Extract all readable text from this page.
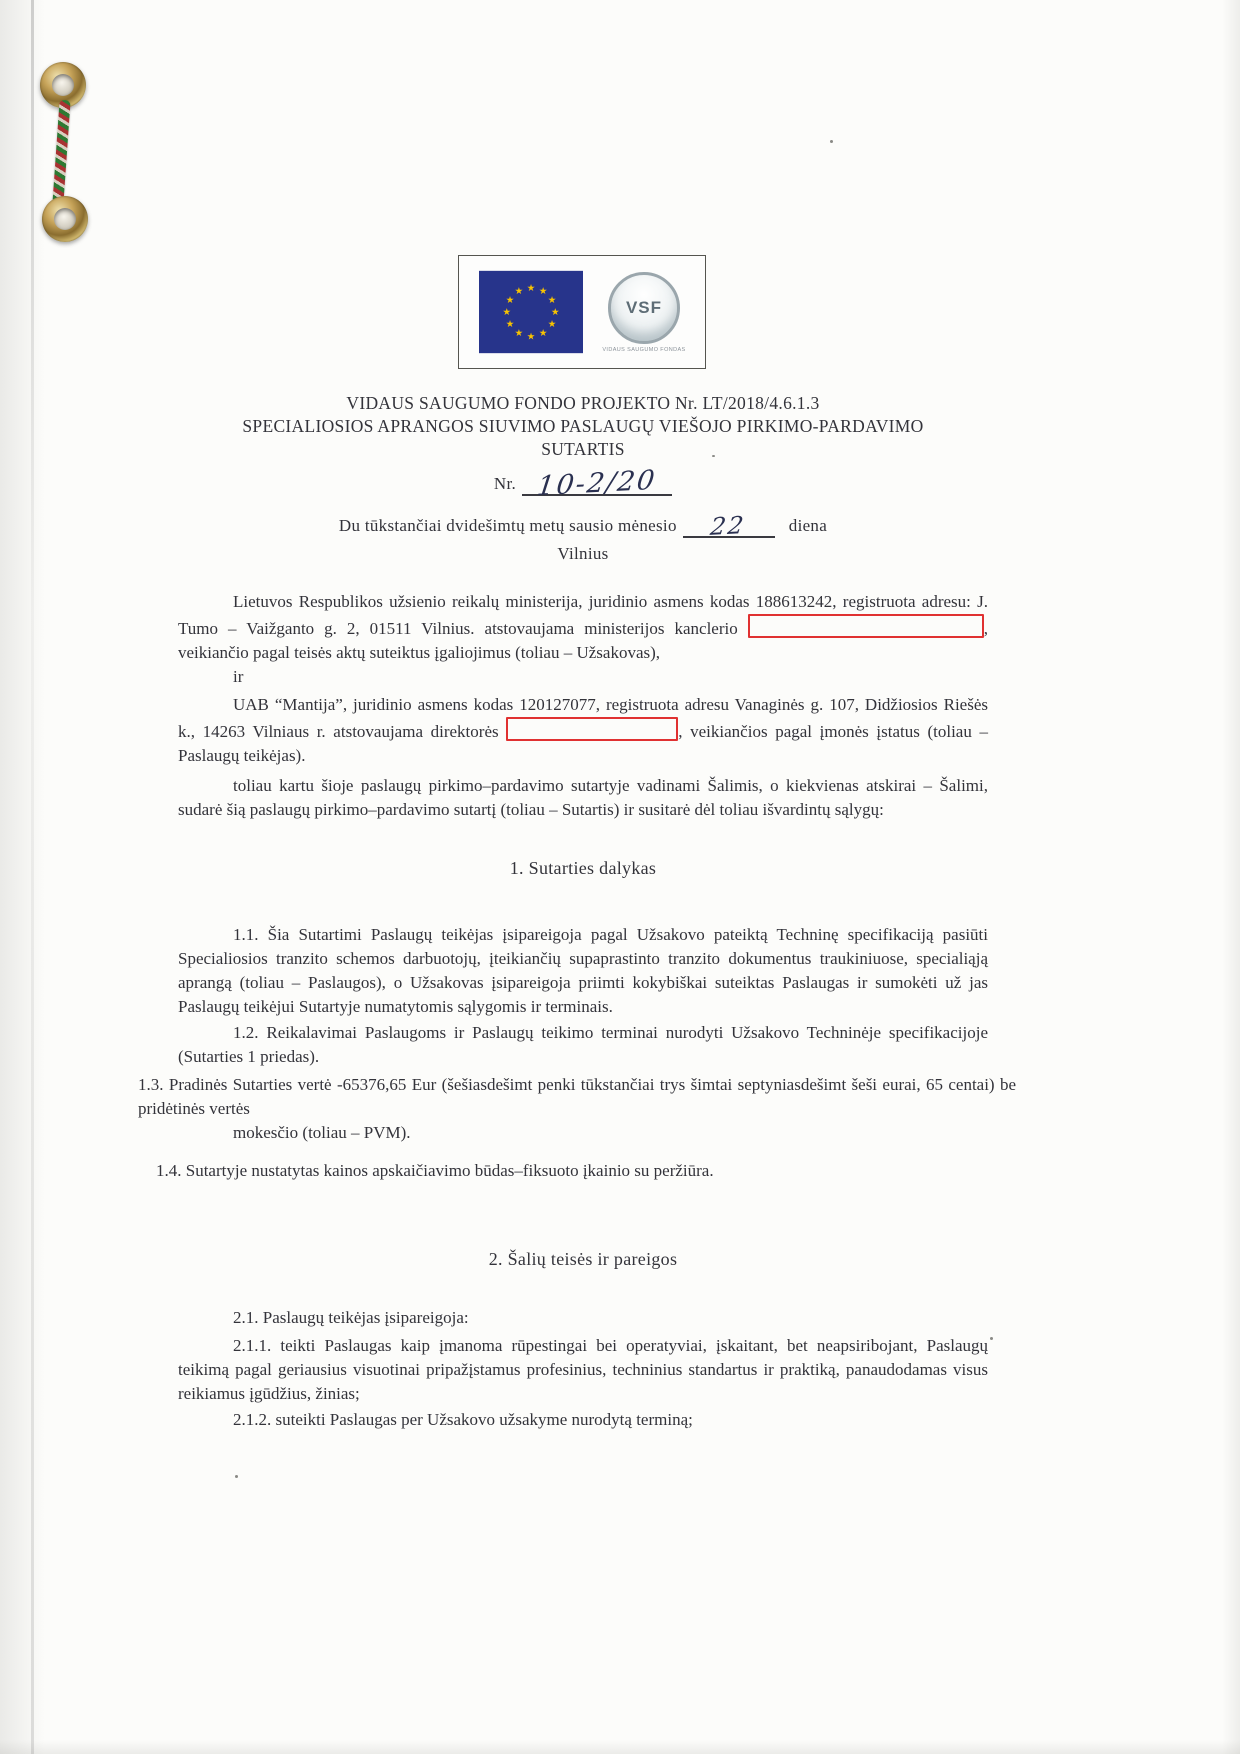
★ ★
★
★
★
★
★
★
★
★
★
★
VSF
VIDAUS SAUGUMO FONDAS
VIDAUS SAUGUMO FONDO PROJEKTO Nr. LT/2018/4.6.1.3
SPECIALIOSIOS APRANGOS SIUVIMO PASLAUGŲ VIEŠOJO PIRKIMO-PARDAVIMO
SUTARTIS
Nr. 10-2/20
Du tūkstančiai dvidešimtų metų sausio mėnesio 22 diena
Vilnius

Lietuvos Respublikos užsienio reikalų ministerija, juridinio asmens kodas 188613242, registruota adresu: J. Tumo – Vaižganto g. 2, 01511 Vilnius. atstovaujama ministerijos kanclerio	, veikiančio pagal teisės aktų suteiktus įgaliojimus (toliau – Užsakovas),

ir

UAB “Mantija”, juridinio asmens kodas 120127077, registruota adresu Vanaginės g. 107, Didžiosios Riešės k., 14263 Vilniaus r. atstovaujama direktorės	, veikiančios pagal įmonės įstatus (toliau – Paslaugų teikėjas).

toliau kartu šioje paslaugų pirkimo–pardavimo sutartyje vadinami Šalimis, o kiekvienas atskirai – Šalimi, sudarė šią paslaugų pirkimo–pardavimo sutartį (toliau – Sutartis) ir susitarė dėl toliau išvardintų sąlygų:

1. Sutarties dalykas

1.1. Šia Sutartimi Paslaugų teikėjas įsipareigoja pagal Užsakovo pateiktą Techninę specifikaciją pasiūti Specialiosios tranzito schemos darbuotojų, įteikiančių supaprastinto tranzito dokumentus traukiniuose, specialiąją aprangą (toliau – Paslaugos), o Užsakovas įsipareigoja priimti kokybiškai suteiktas Paslaugas ir sumokėti už jas Paslaugų teikėjui Sutartyje numatytomis sąlygomis ir terminais.

1.2. Reikalavimai Paslaugoms ir Paslaugų teikimo terminai nurodyti Užsakovo Techninėje specifikacijoje (Sutarties 1 priedas).

1.3. Pradinės Sutarties vertė -65376,65 Eur (šešiasdešimt penki tūkstančiai trys šimtai septyniasdešimt šeši eurai, 65 centai) be pridėtinės vertės

mokesčio (toliau – PVM).

1.4. Sutartyje nustatytas kainos apskaičiavimo būdas–fiksuoto įkainio su peržiūra.

2. Šalių teisės ir pareigos

2.1. Paslaugų teikėjas įsipareigoja:

2.1.1. teikti Paslaugas kaip įmanoma rūpestingai bei operatyviai, įskaitant, bet neapsiribojant, Paslaugų teikimą pagal geriausius visuotinai pripažįstamus profesinius, techninius standartus ir praktiką, panaudodamas visus reikiamus įgūdžius, žinias;

2.1.2. suteikti Paslaugas per Užsakovo užsakyme nurodytą terminą;
